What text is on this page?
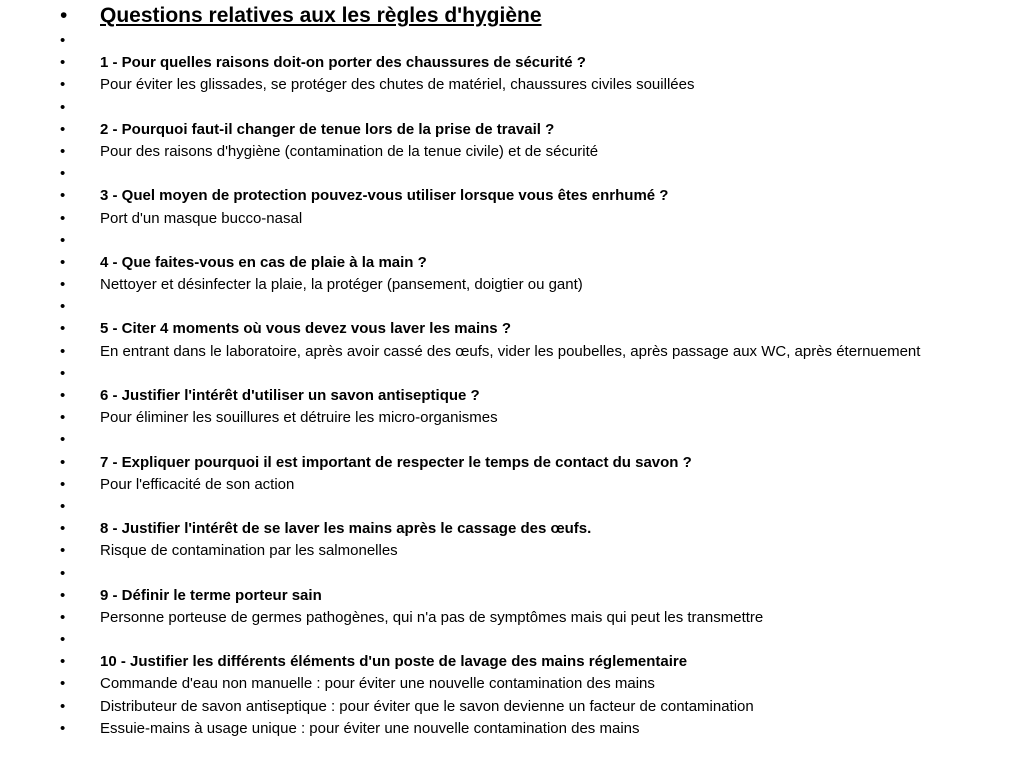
•	Questions relatives aux les règles d'hygiène
•
•	1 - Pour quelles raisons doit-on porter des chaussures de sécurité ?
•	Pour éviter les glissades, se protéger des chutes de matériel, chaussures civiles souillées
•
•	2 - Pourquoi faut-il changer de tenue lors de la prise de travail ?
•	Pour des raisons d'hygiène (contamination de la tenue civile) et de sécurité
•
•	3 - Quel moyen de protection pouvez-vous utiliser lorsque vous êtes enrhumé ?
•	Port d'un masque bucco-nasal
•
•	4 - Que faites-vous en cas de plaie à la main ?
•	Nettoyer et désinfecter la plaie, la protéger (pansement, doigtier ou gant)
•
•	5 - Citer 4 moments où vous devez vous laver les mains ?
•	En entrant dans le laboratoire, après avoir cassé des œufs, vider les poubelles, après passage aux WC, après éternuement
•
•	6 - Justifier l'intérêt d'utiliser un savon antiseptique ?
•	Pour éliminer les souillures et détruire les micro-organismes
•
•	7 - Expliquer pourquoi il est important de respecter le temps de contact du savon ?
•	Pour l'efficacité de son action
•
•	8 - Justifier l'intérêt de se laver les mains après le cassage des œufs.
•	Risque de contamination par les salmonelles
•
•	9 - Définir le terme porteur sain
•	Personne porteuse de germes pathogènes, qui n'a pas de symptômes mais qui peut les transmettre
•
•	10 - Justifier les différents éléments d'un poste de lavage des mains réglementaire
•	Commande d'eau non manuelle : pour éviter une nouvelle contamination des mains
•	Distributeur de savon antiseptique : pour éviter que le savon devienne un facteur de contamination
•	Essuie-mains à usage unique : pour éviter une nouvelle contamination des mains
